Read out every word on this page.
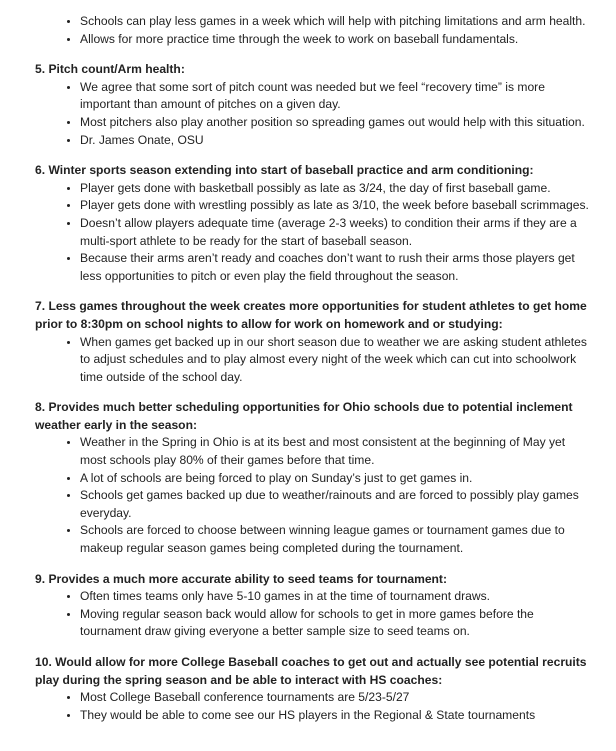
• Schools can play less games in a week which will help with pitching limitations and arm health.
• Allows for more practice time through the week to work on baseball fundamentals.

5. Pitch count/Arm health:

• We agree that some sort of pitch count was needed but we feel “recovery time” is more important than amount of pitches on a given day.
• Most pitchers also play another position so spreading games out would help with this situation.
• Dr. James Onate, OSU

6. Winter sports season extending into start of baseball practice and arm conditioning:

• Player gets done with basketball possibly as late as 3/24, the day of first baseball game.
• Player gets done with wrestling possibly as late as 3/10, the week before baseball scrimmages.
• Doesn’t allow players adequate time (average 2-3 weeks) to condition their arms if they are a multi-sport athlete to be ready for the start of baseball season.
• Because their arms aren’t ready and coaches don’t want to rush their arms those players get less opportunities to pitch or even play the field throughout the season.

7. Less games throughout the week creates more opportunities for student athletes to get home prior to 8:30pm on school nights to allow for work on homework and or studying:

• When games get backed up in our short season due to weather we are asking student athletes to adjust schedules and to play almost every night of the week which can cut into schoolwork time outside of the school day.

8. Provides much better scheduling opportunities for Ohio schools due to potential inclement weather early in the season:

• Weather in the Spring in Ohio is at its best and most consistent at the beginning of May yet most schools play 80% of their games before that time.
• A lot of schools are being forced to play on Sunday’s just to get games in.
• Schools get games backed up due to weather/rainouts and are forced to possibly play games everyday.
• Schools are forced to choose between winning league games or tournament games due to makeup regular season games being completed during the tournament.

9. Provides a much more accurate ability to seed teams for tournament:

• Often times teams only have 5-10 games in at the time of tournament draws.
• Moving regular season back would allow for schools to get in more games before the tournament draw giving everyone a better sample size to seed teams on.

10. Would allow for more College Baseball coaches to get out and actually see potential recruits play during the spring season and be able to interact with HS coaches:

• Most College Baseball conference tournaments are 5/23-5/27
• They would be able to come see our HS players in the Regional & State tournaments
